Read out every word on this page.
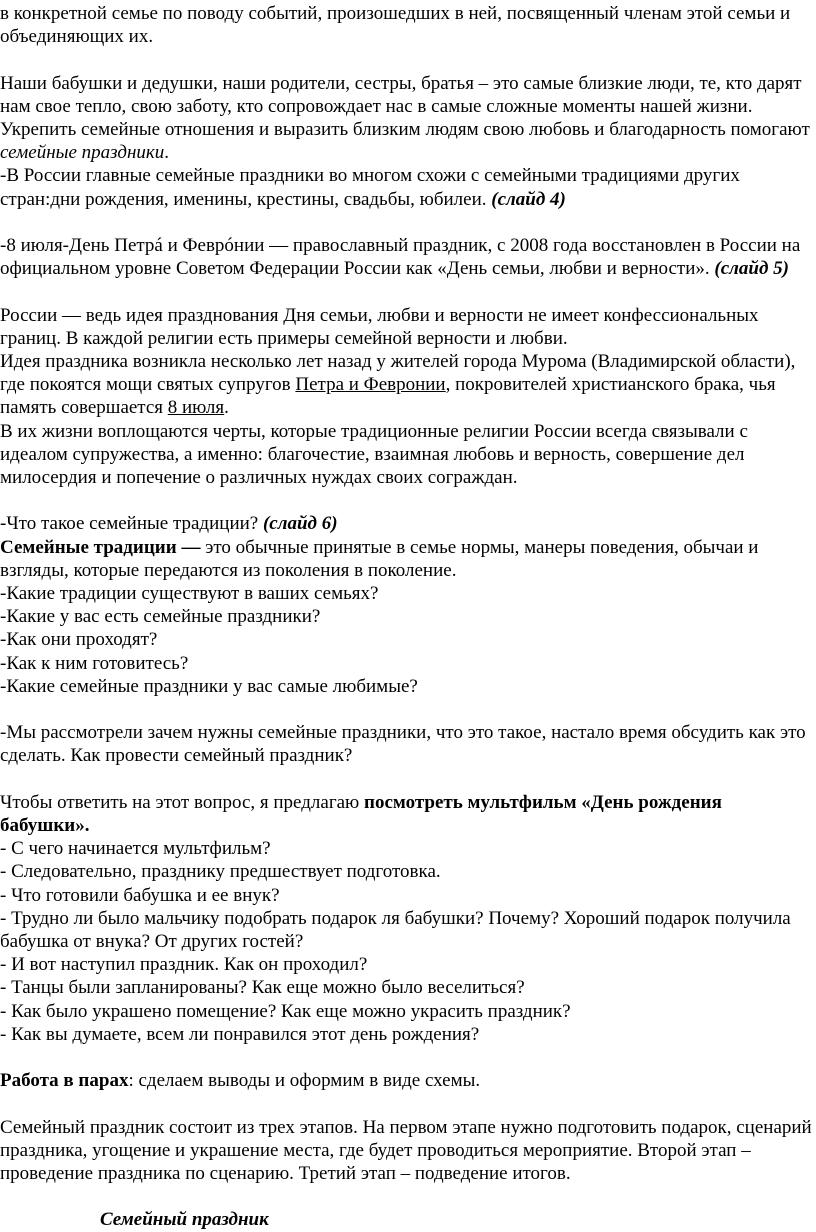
в конкретной семье по поводу событий, произошедших в ней, посвященный членам этой семьи и объединяющих их.

Наши бабушки и дедушки, наши родители, сестры, братья – это самые близкие люди, те, кто дарят нам свое тепло, свою заботу, кто сопровождает нас в самые сложные моменты нашей жизни. Укрепить семейные отношения и выразить близким людям свою любовь и благодарность помогают семейные праздники.

-В России главные семейные праздники во многом схожи с семейными традициями других стран:дни рождения, именины, крестины, свадьбы, юбилеи. (слайд 4)

-8 июля-День Петрá и Феврóнии — православный праздник, с 2008 года восстановлен в России на официальном уровне Советом Федерации России как «День семьи, любви и верности». (слайд 5)

России — ведь идея празднования Дня семьи, любви и верности не имеет конфессиональных границ. В каждой религии есть примеры семейной верности и любви.

Идея праздника возникла несколько лет назад у жителей города Мурома (Владимирской области), где покоятся мощи святых супругов Петра и Февронии, покровителей христианского брака, чья память совершается 8 июля.

В их жизни воплощаются черты, которые традиционные религии России всегда связывали с идеалом супружества, а именно: благочестие, взаимная любовь и верность, совершение дел милосердия и попечение о различных нуждах своих сограждан.

-Что такое семейные традиции? (слайд 6)

Семейные традиции — это обычные принятые в семье нормы, манеры поведения, обычаи и взгляды, которые передаются из поколения в поколение.

-Какие традиции существуют в ваших семьях?

-Какие у вас есть семейные праздники?

-Как они проходят?

-Как к ним готовитесь?

-Какие семейные праздники у вас самые любимые?

-Мы рассмотрели зачем нужны семейные праздники, что это такое, настало время обсудить как это сделать. Как провести семейный праздник?

Чтобы ответить на этот вопрос, я предлагаю посмотреть мультфильм «День рождения бабушки».

- С чего начинается мультфильм?

- Следовательно, празднику предшествует подготовка.

- Что готовили бабушка и ее внук?

- Трудно ли было мальчику подобрать подарок ля бабушки? Почему? Хороший подарок получила бабушка от внука? От других гостей?

- И вот наступил праздник. Как он проходил?

- Танцы были запланированы? Как еще можно было веселиться?

- Как было украшено помещение? Как еще можно украсить праздник?

- Как вы думаете, всем ли понравился этот день рождения?

Работа в парах: сделаем выводы и оформим в виде схемы.

Семейный праздник состоит из трех этапов. На первом этапе нужно подготовить подарок, сценарий праздника, угощение и украшение места, где будет проводиться мероприятие. Второй этап – проведение праздника по сценарию. Третий этап – подведение итогов.

Семейный праздник
